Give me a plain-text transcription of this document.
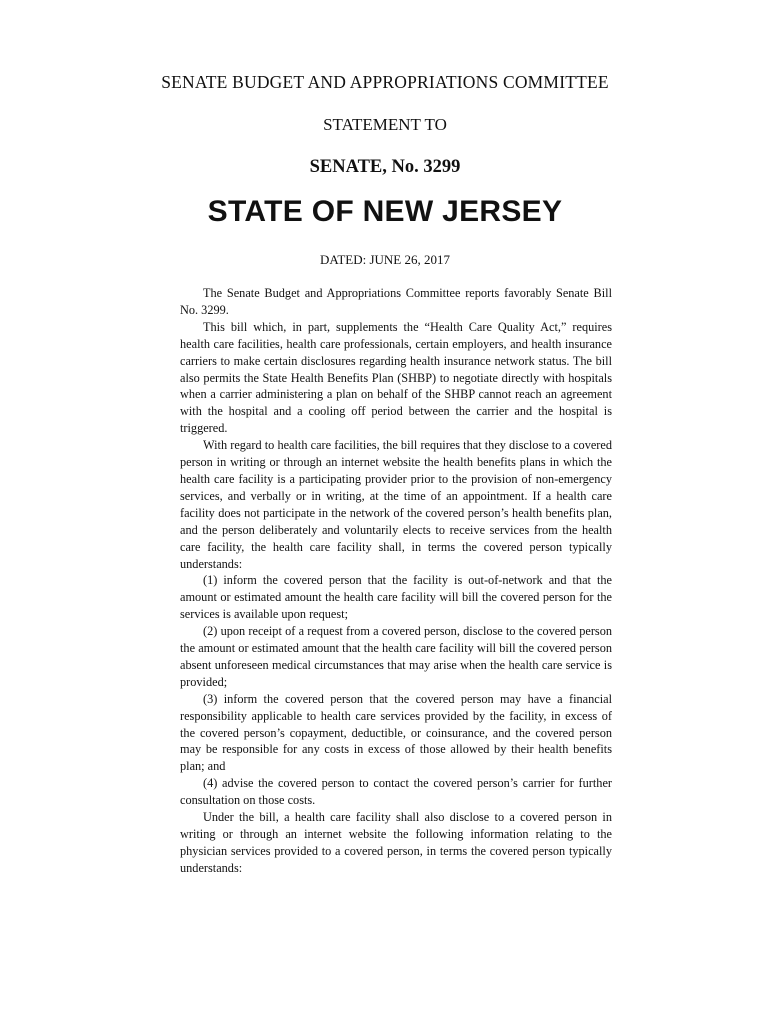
SENATE BUDGET AND APPROPRIATIONS COMMITTEE
STATEMENT TO
SENATE, No. 3299
STATE OF NEW JERSEY
DATED: JUNE 26, 2017

The Senate Budget and Appropriations Committee reports favorably Senate Bill No. 3299.

This bill which, in part, supplements the “Health Care Quality Act,” requires health care facilities, health care professionals, certain employers, and health insurance carriers to make certain disclosures regarding health insurance network status. The bill also permits the State Health Benefits Plan (SHBP) to negotiate directly with hospitals when a carrier administering a plan on behalf of the SHBP cannot reach an agreement with the hospital and a cooling off period between the carrier and the hospital is triggered.

With regard to health care facilities, the bill requires that they disclose to a covered person in writing or through an internet website the health benefits plans in which the health care facility is a participating provider prior to the provision of non-emergency services, and verbally or in writing, at the time of an appointment. If a health care facility does not participate in the network of the covered person’s health benefits plan, and the person deliberately and voluntarily elects to receive services from the health care facility, the health care facility shall, in terms the covered person typically understands:

(1) inform the covered person that the facility is out-of-network and that the amount or estimated amount the health care facility will bill the covered person for the services is available upon request;

(2) upon receipt of a request from a covered person, disclose to the covered person the amount or estimated amount that the health care facility will bill the covered person absent unforeseen medical circumstances that may arise when the health care service is provided;

(3) inform the covered person that the covered person may have a financial responsibility applicable to health care services provided by the facility, in excess of the covered person’s copayment, deductible, or coinsurance, and the covered person may be responsible for any costs in excess of those allowed by their health benefits plan; and

(4) advise the covered person to contact the covered person’s carrier for further consultation on those costs.

Under the bill, a health care facility shall also disclose to a covered person in writing or through an internet website the following information relating to the physician services provided to a covered person, in terms the covered person typically understands:
